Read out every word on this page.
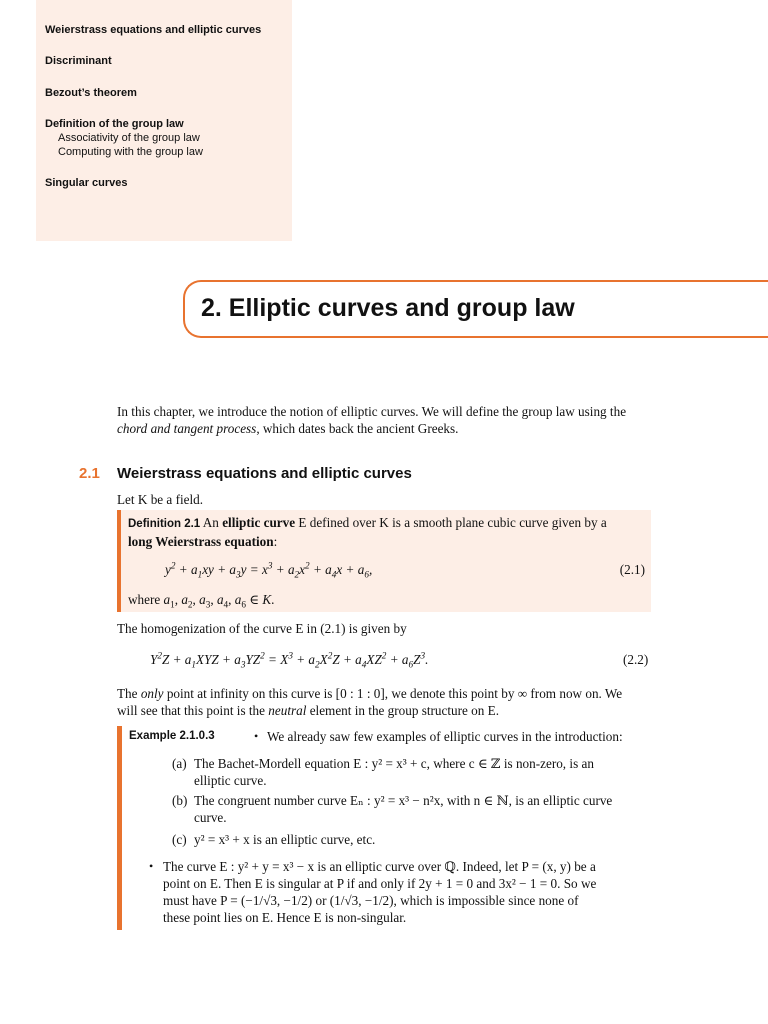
Weierstrass equations and elliptic curves
Discriminant
Bezout’s theorem
Definition of the group law
Associativity of the group law
Computing with the group law
Singular curves
2. Elliptic curves and group law
In this chapter, we introduce the notion of elliptic curves. We will define the group law using the
chord and tangent process, which dates back the ancient Greeks.
2.1 Weierstrass equations and elliptic curves
Let K be a field.
Definition 2.1 An elliptic curve E defined over K is a smooth plane cubic curve given by a
long Weierstrass equation:
$y^2 + a_1xy + a_3y = x^3 + a_2x^2 + a_4x + a_6$,	(2.1)
where $a_1$, $a_2$, $a_3$, $a_4$, $a_6$ ∈ K.
The homogenization of the curve E in (2.1) is given by
$Y^2Z + a_1XYZ + a_3YZ^2 = X^3 + a_2X^2Z + a_4XZ^2 + a_6Z^3$.	(2.2)
The only point at infinity on this curve is [0 : 1 : 0], we denote this point by ∞ from now on. We
will see that this point is the neutral element in the group structure on E.
Example 2.1.0.3	• We already saw few examples of elliptic curves in the introduction:
(a) The Bachet-Mordell equation E : y² = x³ + c, where c ∈ ℤ is non-zero, is an
elliptic curve.
(b) The congruent number curve Eₙ : y² = x³ − n²x, with n ∈ ℕ, is an elliptic curve
curve.
(c) y² = x³ + x is an elliptic curve, etc.
• The curve E : y² + y = x³ − x is an elliptic curve over ℚ. Indeed, let P = (x, y) be a
point on E. Then E is singular at P if and only if 2y + 1 = 0 and 3x² − 1 = 0. So we
must have P = (−1/√3, −1/2) or (1/√3, −1/2), which is impossible since none of
these point lies on E. Hence E is non-singular.
